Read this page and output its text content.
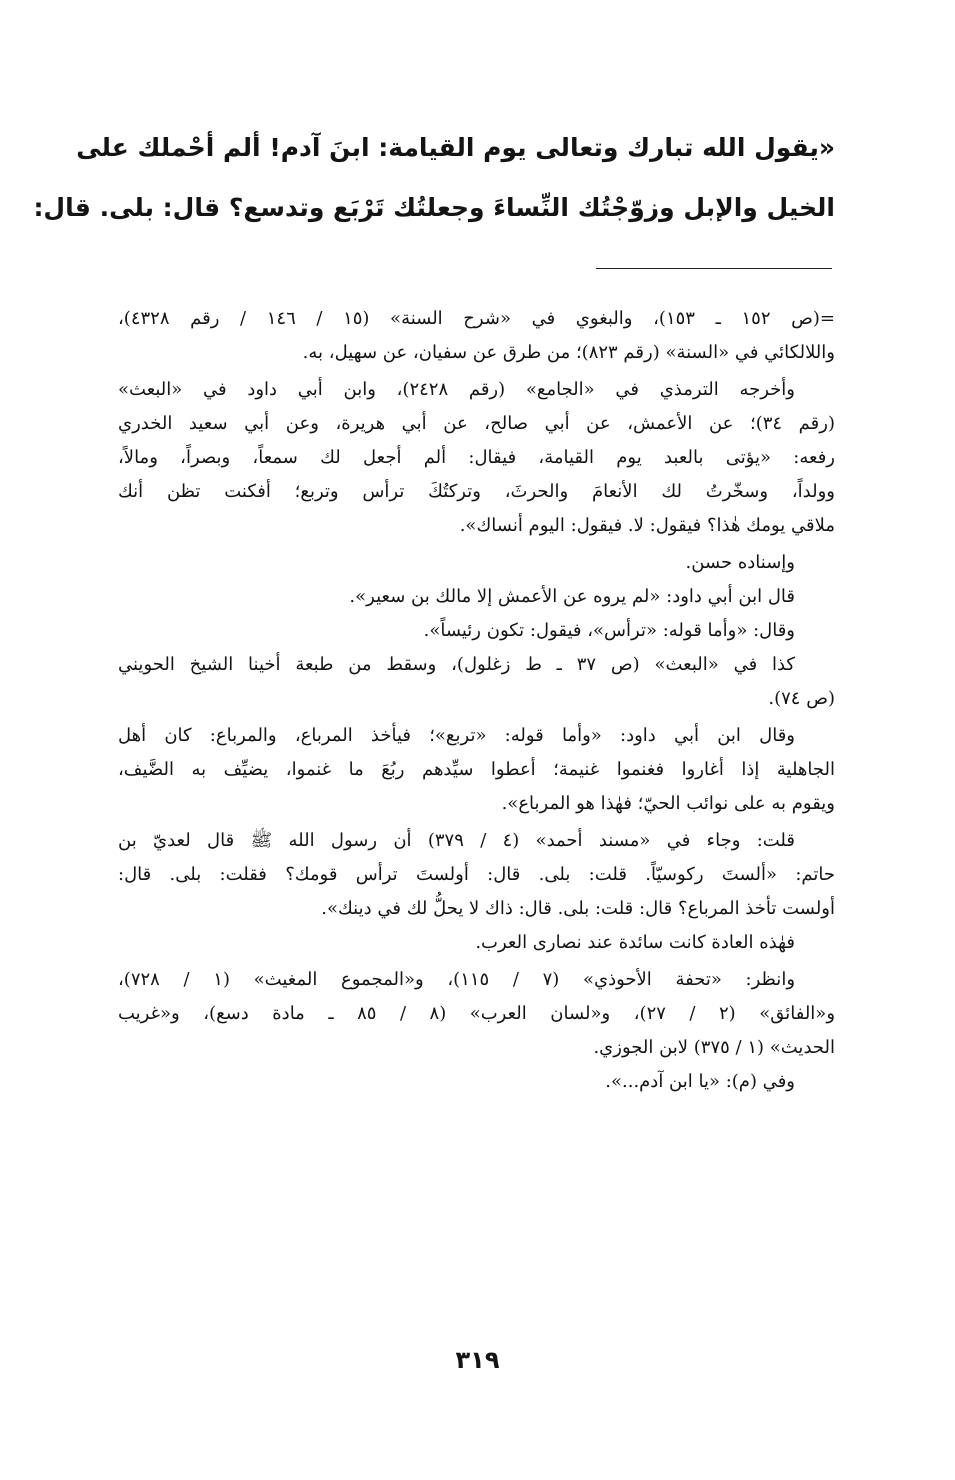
«يقول الله تبارك وتعالى يوم القيامة: ابنَ آدم! ألم أحْملك على
الخيل والإبل وزوّجْتُك النِّساءَ وجعلتُك تَرْبَع وتدسع؟ قال: بلى. قال:
=(ص ١٥٢ ـ ١٥٣)، والبغوي في «شرح السنة» (١٥ / ١٤٦ / رقم ٤٣٢٨)،
واللالكائي في «السنة» (رقم ٨٢٣)؛ من طرق عن سفيان، عن سهيل، به.
وأخرجه الترمذي في «الجامع» (رقم ٢٤٢٨)، وابن أبي داود في «البعث»
(رقم ٣٤)؛ عن الأعمش، عن أبي صالح، عن أبي هريرة، وعن أبي سعيد الخدري
رفعه: «يؤتى بالعبد يوم القيامة، فيقال: ألم أجعل لك سمعاً، وبصراً، ومالاً،
وولداً، وسخّرتُ لك الأنعامَ والحرثَ، وتركتُكَ ترأس وتربع؛ أفكنت تظن أنك
ملاقي يومك هٰذا؟ فيقول: لا. فيقول: اليوم أنساك».
وإسناده حسن.
قال ابن أبي داود: «لم يروه عن الأعمش إلا مالك بن سعير».
وقال: «وأما قوله: «ترأس»، فيقول: تكون رئيساً».
كذا في «البعث» (ص ٣٧ ـ ط زغلول)، وسقط من طبعة أخينا الشيخ الحويني
(ص ٧٤).
وقال ابن أبي داود: «وأما قوله: «تربع»؛ فيأخذ المرباع، والمرباع: كان أهل
الجاهلية إذا أغاروا فغنموا غنيمة؛ أعطوا سيِّدهم ربُعَ ما غنموا، يضيِّف به الضَّيف،
ويقوم به على نوائب الحيّ؛ فهٰذا هو المرباع».
قلت: وجاء في «مسند أحمد» (٤ / ٣٧٩) أن رسول الله ﷺ قال لعديّ بن
حاتم: «ألستَ ركوسيّاً. قلت: بلى. قال: أولستَ ترأس قومك؟ فقلت: بلى. قال:
أولست تأخذ المرباع؟ قال: قلت: بلى. قال: ذاك لا يحلُّ لك في دينك».
فهٰذه العادة كانت سائدة عند نصارى العرب.
وانظر: «تحفة الأحوذي» (٧ / ١١٥)، و«المجموع المغيث» (١ / ٧٢٨)،
و«الفائق» (٢ / ٢٧)، و«لسان العرب» (٨ / ٨٥ ـ مادة دسع)، و«غريب
الحديث» (١ / ٣٧٥) لابن الجوزي.
وفي (م): «يا ابن آدم...».
٣١٩
